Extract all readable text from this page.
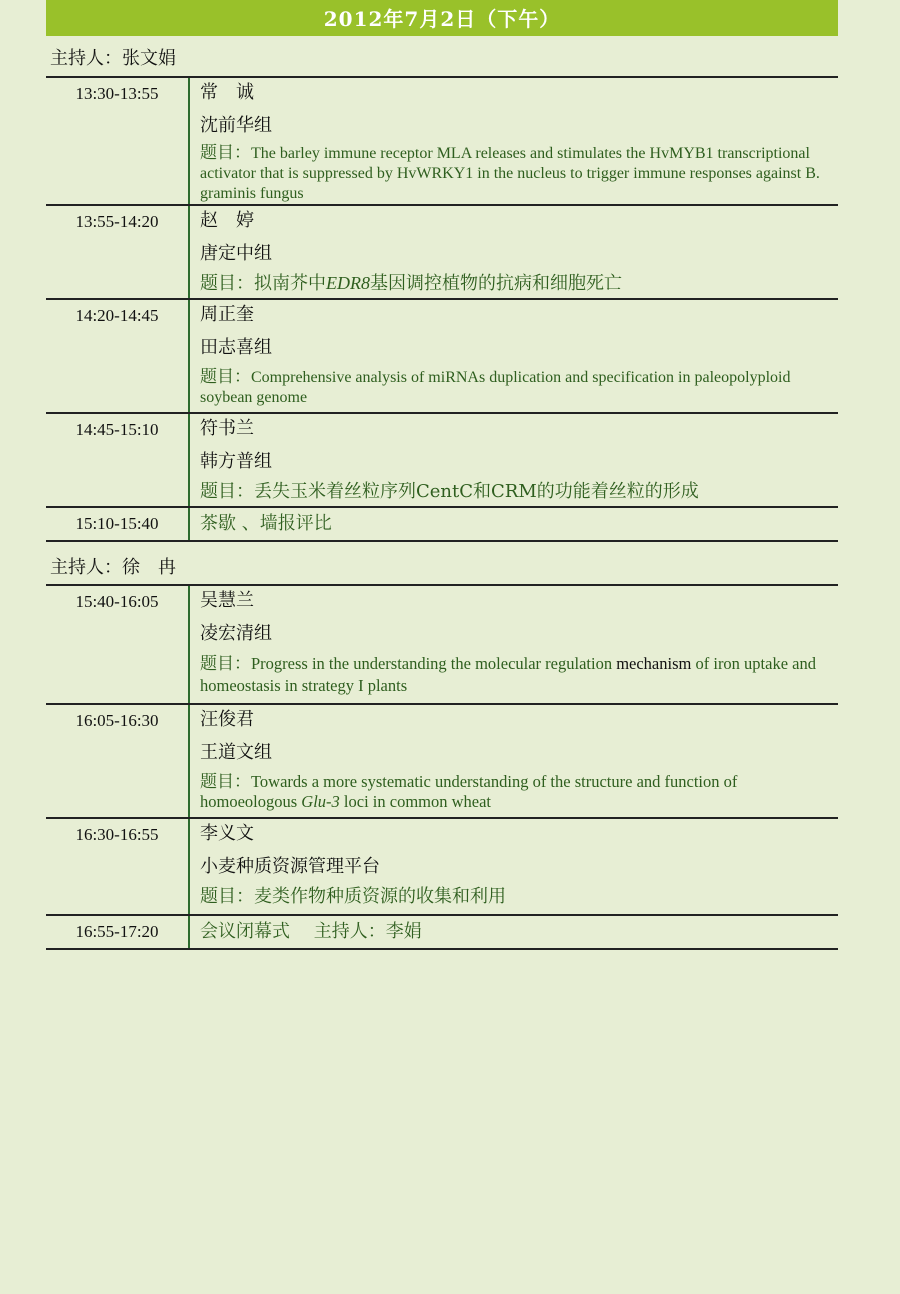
2012年7月2日（下午）
主持人：张文娟
13:30-13:55	常　诚
沈前华组
题目：The barley immune receptor MLA releases and stimulates the HvMYB1 transcriptional activator that is suppressed by HvWRKY1 in the nucleus to trigger immune responses against B. graminis fungus
13:55-14:20	赵　婷
唐定中组
题目：拟南芥中EDR8基因调控植物的抗病和细胞死亡
14:20-14:45	周正奎
田志喜组
题目：Comprehensive analysis of miRNAs duplication and specification in paleopolyploid soybean genome
14:45-15:10	符书兰
韩方普组
题目：丢失玉米着丝粒序列CentC和CRM的功能着丝粒的形成
15:10-15:40	茶歇 、墙报评比
主持人：徐　冉
15:40-16:05	吴慧兰
凌宏清组
题目：Progress in the understanding the molecular regulation mechanism of iron uptake and homeostasis in strategy I plants
16:05-16:30	汪俊君
王道文组
题目：Towards a more systematic understanding of the structure and function of homoeologous Glu-3 loci in common wheat
16:30-16:55	李义文
小麦种质资源管理平台
题目：麦类作物种质资源的收集和利用
16:55-17:20	会议闭幕式　 主持人：李娟
